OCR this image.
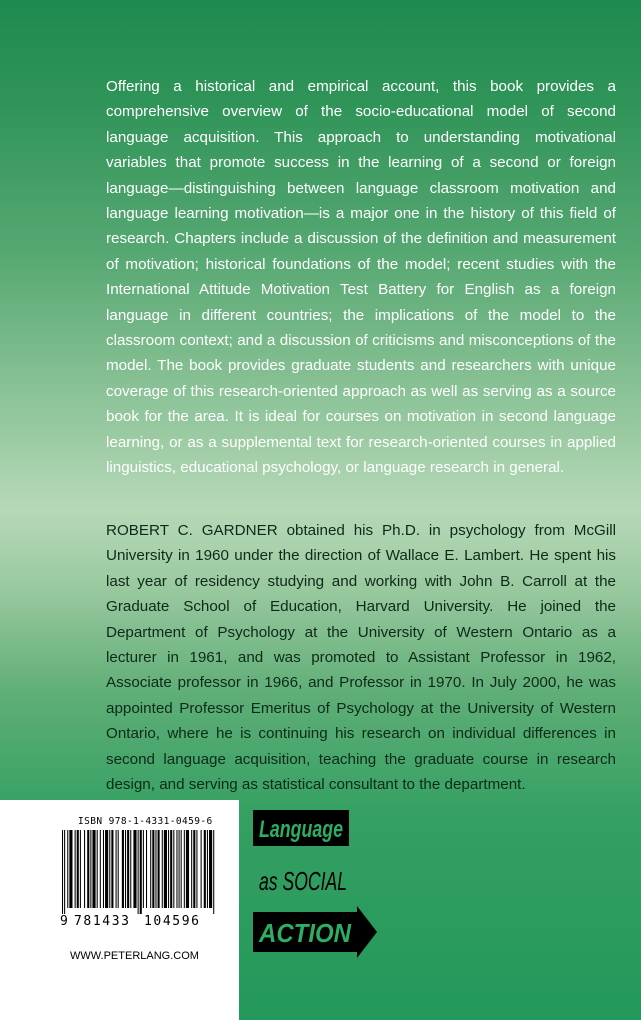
Offering a historical and empirical account, this book provides a comprehensive overview of the socio-educational model of second language acquisition. This approach to understanding motivational variables that promote success in the learning of a second or foreign language—distinguishing between language classroom motivation and language learning motivation—is a major one in the history of this field of research. Chapters include a discussion of the definition and measurement of motivation; historical foundations of the model; recent studies with the International Attitude Motivation Test Battery for English as a foreign language in different countries; the implications of the model to the classroom context; and a discussion of criticisms and misconceptions of the model. The book provides graduate students and researchers with unique coverage of this research-oriented approach as well as serving as a source book for the area. It is ideal for courses on motivation in second language learning, or as a supplemental text for research-oriented courses in applied linguistics, educational psychology, or language research in general.
ROBERT C. GARDNER obtained his Ph.D. in psychology from McGill University in 1960 under the direction of Wallace E. Lambert. He spent his last year of residency studying and working with John B. Carroll at the Graduate School of Education, Harvard University. He joined the Department of Psychology at the University of Western Ontario as a lecturer in 1961, and was promoted to Assistant Professor in 1962, Associate professor in 1966, and Professor in 1970. In July 2000, he was appointed Professor Emeritus of Psychology at the University of Western Ontario, where he is continuing his research on individual differences in second language acquisition, teaching the graduate course in research design, and serving as statistical consultant to the department.
ISBN 978-1-4331-0459-6
9 781433 104596
WWW.PETERLANG.COM
Language
as SOCIAL
ACTION
